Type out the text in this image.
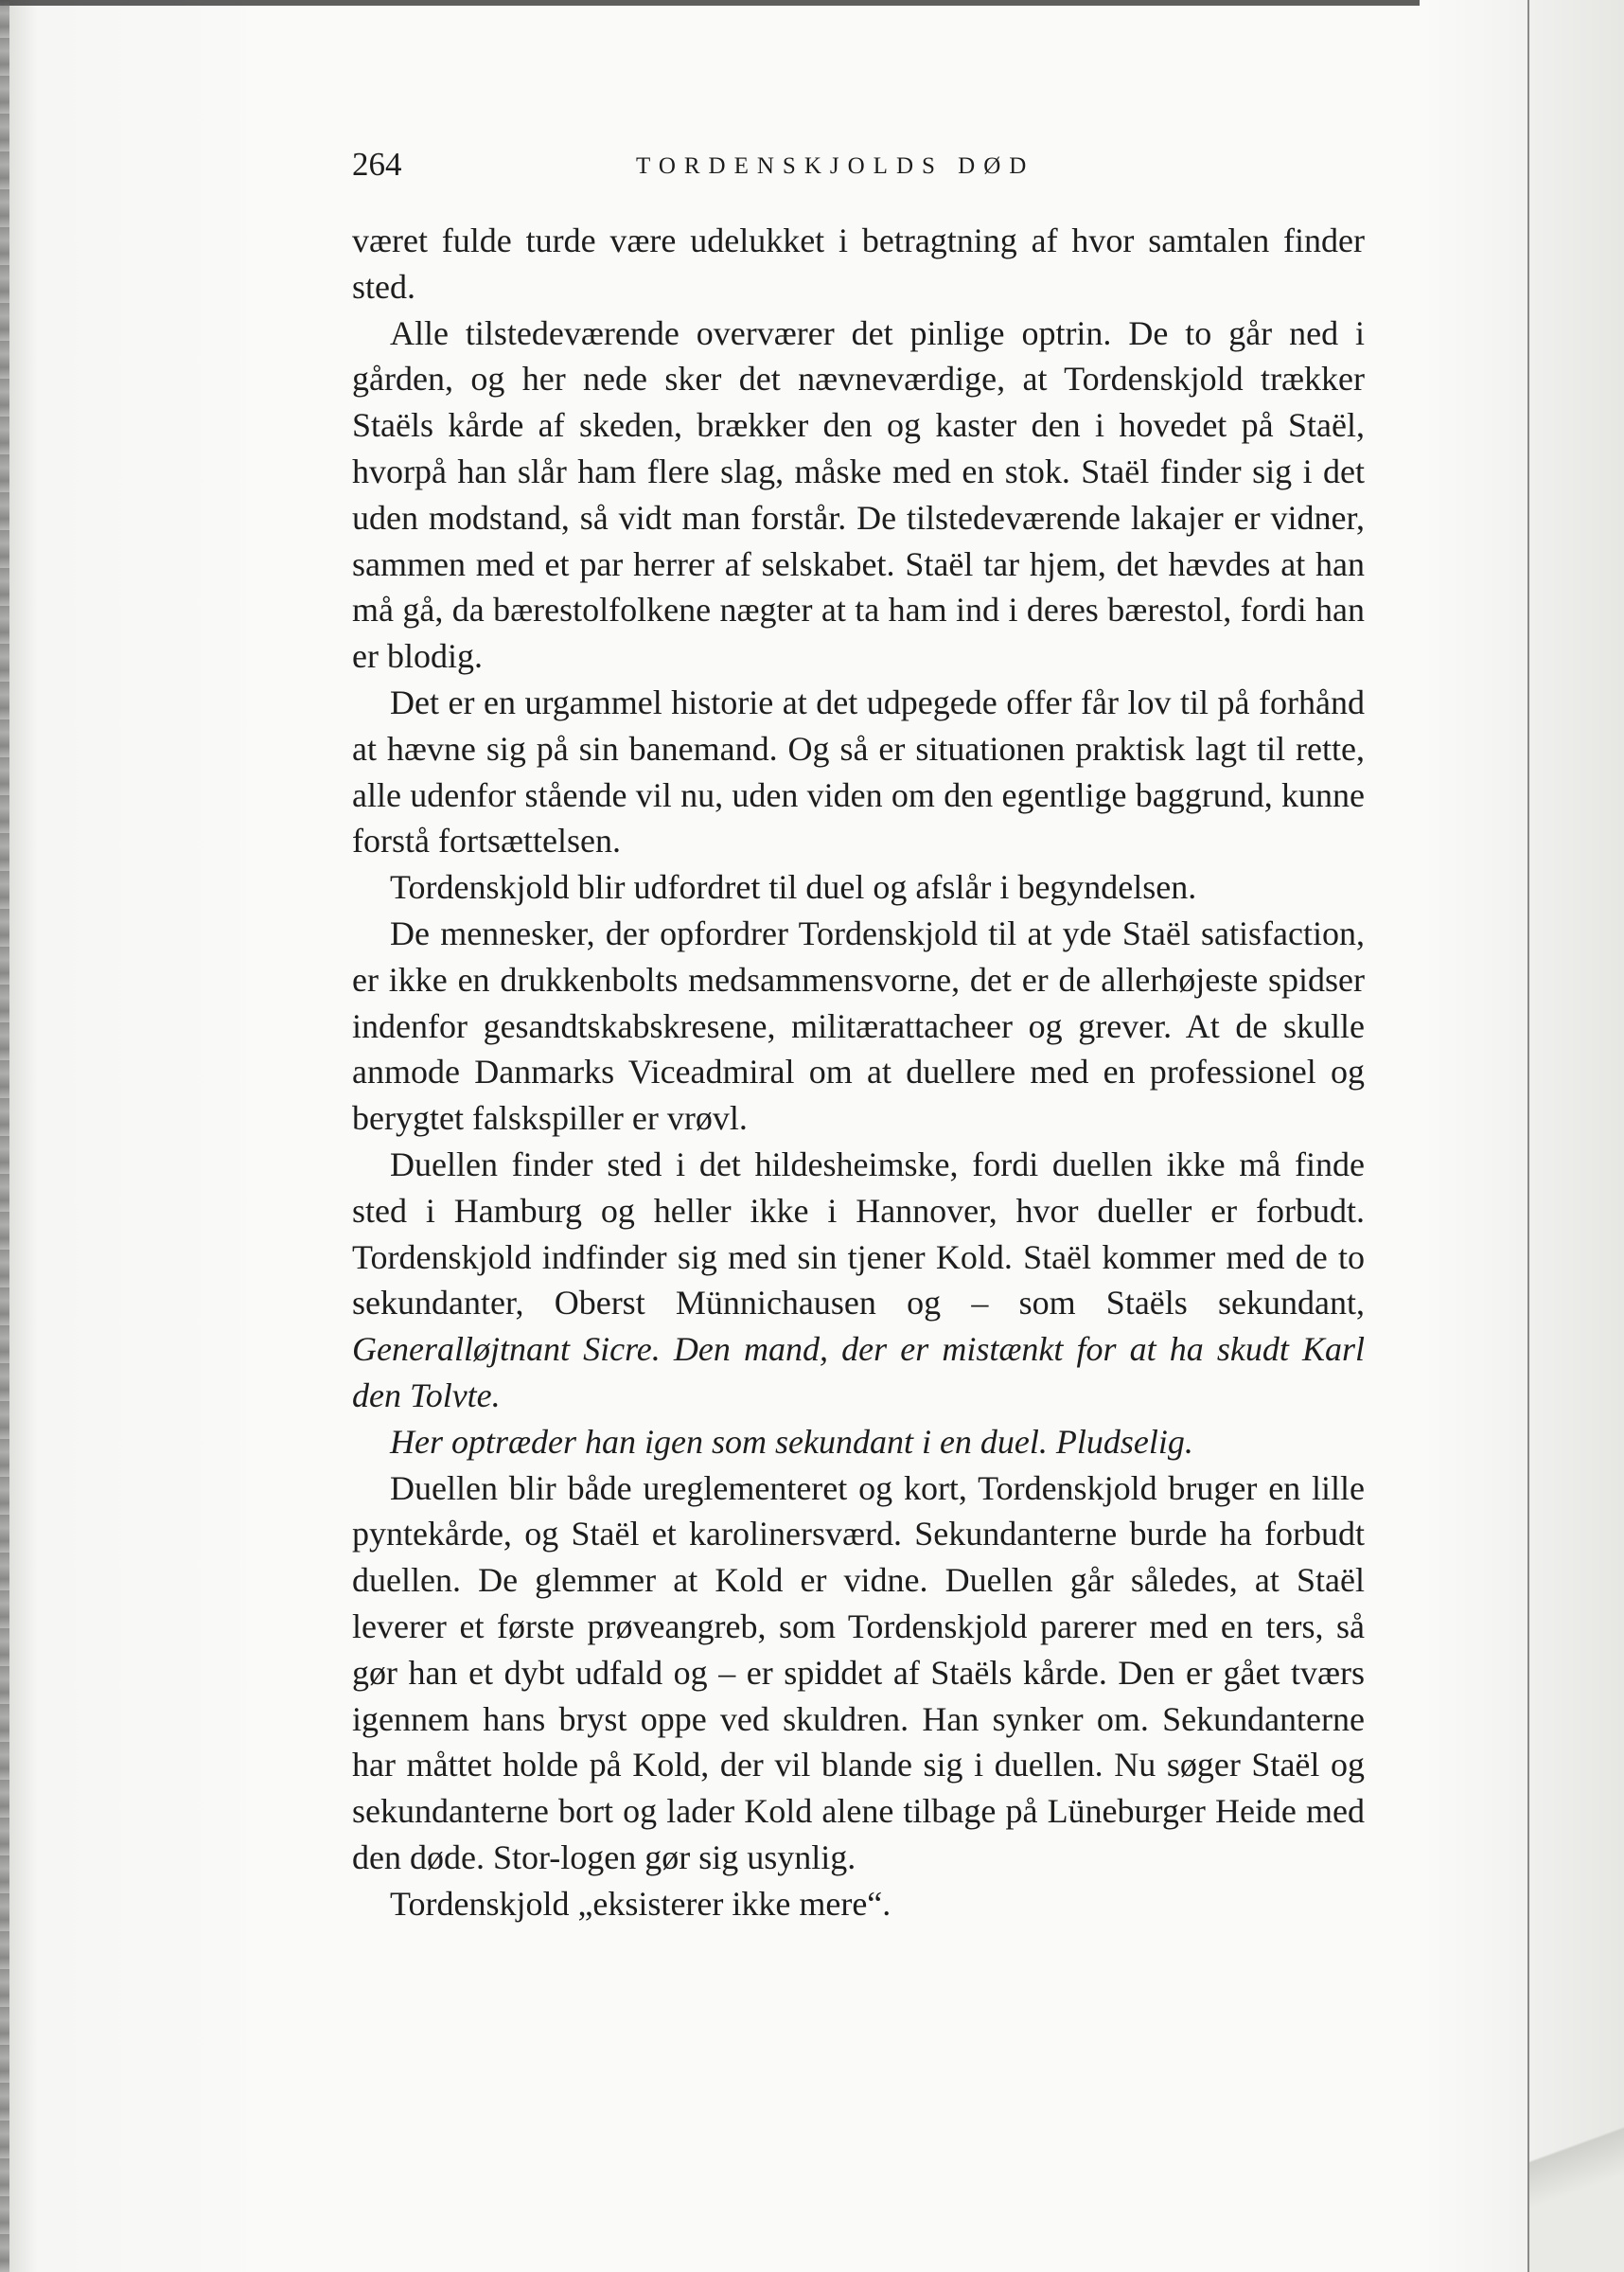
264	TORDENSKJOLDS DØD

været fulde turde være udelukket i betragtning af hvor samtalen finder sted.

Alle tilstedeværende overværer det pinlige optrin. De to går ned i gården, og her nede sker det nævneværdige, at Tordenskjold trækker Staëls kårde af skeden, brækker den og kaster den i hovedet på Staël, hvorpå han slår ham flere slag, måske med en stok. Staël finder sig i det uden modstand, så vidt man forstår. De tilstedeværende lakajer er vidner, sammen med et par herrer af selskabet. Staël tar hjem, det hævdes at han må gå, da bærestolfolkene nægter at ta ham ind i deres bærestol, fordi han er blodig.

Det er en urgammel historie at det udpegede offer får lov til på forhånd at hævne sig på sin banemand. Og så er situationen praktisk lagt til rette, alle udenfor stående vil nu, uden viden om den egentlige baggrund, kunne forstå fortsættelsen.

Tordenskjold blir udfordret til duel og afslår i begyndelsen.

De mennesker, der opfordrer Tordenskjold til at yde Staël satisfaction, er ikke en drukkenbolts medsammensvorne, det er de allerhøjeste spidser indenfor gesandtskabskresene, militærattacheer og grever. At de skulle anmode Danmarks Viceadmiral om at duellere med en professionel og berygtet falskspiller er vrøvl.

Duellen finder sted i det hildesheimske, fordi duellen ikke må finde sted i Hamburg og heller ikke i Hannover, hvor dueller er forbudt. Tordenskjold indfinder sig med sin tjener Kold. Staël kommer med de to sekundanter, Oberst Münnichausen og – som Staëls sekundant, Generalløjtnant Sicre. Den mand, der er mistænkt for at ha skudt Karl den Tolvte.

Her optræder han igen som sekundant i en duel. Pludselig.

Duellen blir både ureglementeret og kort, Tordenskjold bruger en lille pyntekårde, og Staël et karolinersværd. Sekundanterne burde ha forbudt duellen. De glemmer at Kold er vidne. Duellen går således, at Staël leverer et første prøveangreb, som Tordenskjold parerer med en ters, så gør han et dybt udfald og – er spiddet af Staëls kårde. Den er gået tværs igennem hans bryst oppe ved skuldren. Han synker om. Sekundanterne har måttet holde på Kold, der vil blande sig i duellen. Nu søger Staël og sekundanterne bort og lader Kold alene tilbage på Lüneburger Heide med den døde. Stor-logen gør sig usynlig.

Tordenskjold „eksisterer ikke mere“.
